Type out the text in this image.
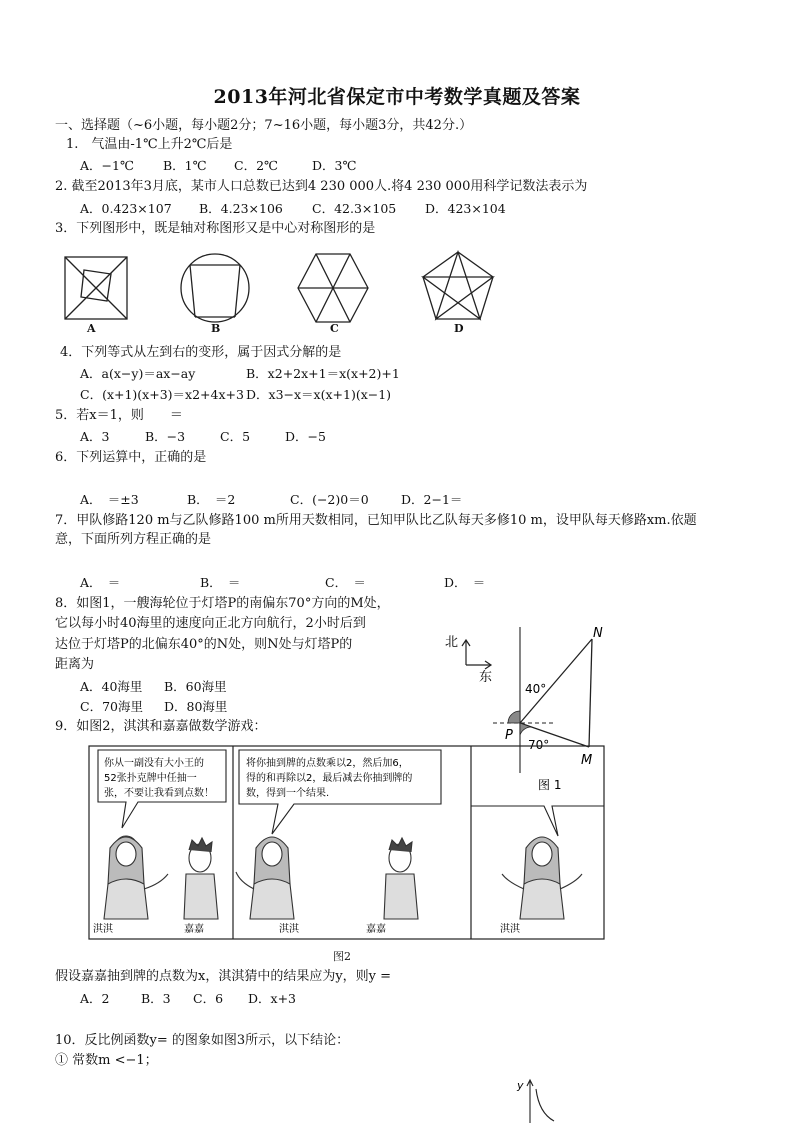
2013年河北省保定市中考数学真题及答案
一、选择题（~6小题，每小题2分；7~16小题，每小题3分，共42分.）
1.　气温由-1℃上升2℃后是
A．−1℃ B．1℃ C．2℃	D．3℃
2. 截至2013年3月底，某市人口总数已达到4 230 000人.将4 230 000用科学记数法表示为
A．0.423×107 B．4.23×106 C．42.3×105 D．423×104
3．下列图形中，既是轴对称图形又是中心对称图形的是
A	B	C	D
4．下列等式从左到右的变形，属于因式分解的是
A．a(x−y)＝ax−ay	B．x2+2x+1＝x(x+2)+1
C．(x+1)(x+3)＝x2+4x+3 D．x3−x＝x(x+1)(x−1)
5．若x＝1，则　　＝
A．3	B．−3	C．5	D．−5
6．下列运算中，正确的是
A．　＝±3	B．　＝2	C．(−2)0＝0	D．2−1＝
7．甲队修路120 m与乙队修路100 m所用天数相同，已知甲队比乙队每天多修10 m，设甲队每天修路xm.依题
意，下面所列方程正确的是
A．　＝	B．　＝	C．　＝	D．　＝
8．如图1，一艘海轮位于灯塔P的南偏东70°方向的M处，
它以每小时40海里的速度向正北方向航行，2小时后到
达位于灯塔P的北偏东40°的N处，则N处与灯塔P的
距离为
A．40海里 B．60海里
C．70海里 D．80海里
北
东
N
P
M
40°
70°
图 1
9．如图2，淇淇和嘉嘉做数学游戏：
你从一副没有大小王的
52张扑克牌中任抽一
张，不要让我看到点数！
将你抽到牌的点数乘以2，然后加6，
得的和再除以2，最后减去你抽到牌的
数，得到一个结果.
淇淇	嘉嘉	淇淇	嘉嘉	淇淇
图2
假设嘉嘉抽到牌的点数为x，淇淇猜中的结果应为y，则y =
A．2	B．3 C．6 D．x+3
10．反比例函数y= 的图象如图3所示，以下结论：
① 常数m <−1；
y
